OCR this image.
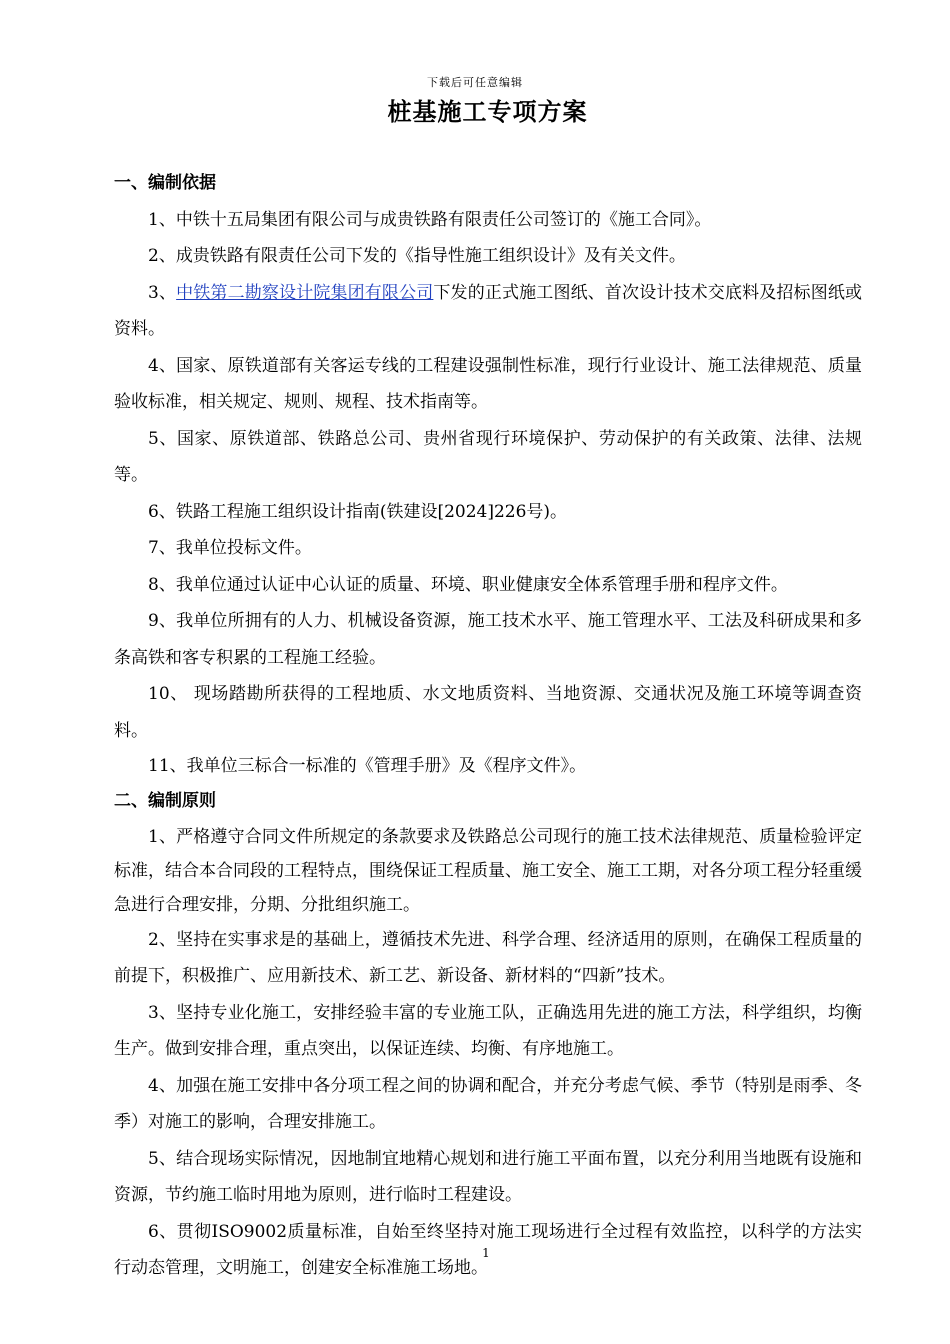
下载后可任意编辑
桩基施工专项方案
一、编制依据

1、中铁十五局集团有限公司与成贵铁路有限责任公司签订的《施工合同》。

2、成贵铁路有限责任公司下发的《指导性施工组织设计》及有关文件。

3、中铁第二勘察设计院集团有限公司下发的正式施工图纸、首次设计技术交底料及招标图纸或资料。

4、国家、原铁道部有关客运专线的工程建设强制性标准，现行行业设计、施工法律规范、质量验收标准，相关规定、规则、规程、技术指南等。

5、国家、原铁道部、铁路总公司、贵州省现行环境保护、劳动保护的有关政策、法律、法规等。

6、铁路工程施工组织设计指南(铁建设[2024]226号)。

7、我单位投标文件。

8、我单位通过认证中心认证的质量、环境、职业健康安全体系管理手册和程序文件。

9、我单位所拥有的人力、机械设备资源，施工技术水平、施工管理水平、工法及科研成果和多条高铁和客专积累的工程施工经验。

10、 现场踏勘所获得的工程地质、水文地质资料、当地资源、交通状况及施工环境等调查资料。

11、我单位三标合一标准的《管理手册》及《程序文件》。

二、编制原则

1、严格遵守合同文件所规定的条款要求及铁路总公司现行的施工技术法律规范、质量检验评定标准，结合本合同段的工程特点，围绕保证工程质量、施工安全、施工工期，对各分项工程分轻重缓急进行合理安排，分期、分批组织施工。

2、坚持在实事求是的基础上，遵循技术先进、科学合理、经济适用的原则，在确保工程质量的前提下，积极推广、应用新技术、新工艺、新设备、新材料的“四新”技术。

3、坚持专业化施工，安排经验丰富的专业施工队，正确选用先进的施工方法，科学组织，均衡生产。做到安排合理，重点突出，以保证连续、均衡、有序地施工。

4、加强在施工安排中各分项工程之间的协调和配合，并充分考虑气候、季节（特别是雨季、冬季）对施工的影响，合理安排施工。

5、结合现场实际情况，因地制宜地精心规划和进行施工平面布置，以充分利用当地既有设施和资源，节约施工临时用地为原则，进行临时工程建设。

6、贯彻ISO9002质量标准，自始至终坚持对施工现场进行全过程有效监控，以科学的方法实行动态管理，文明施工，创建安全标准施工场地。

1
